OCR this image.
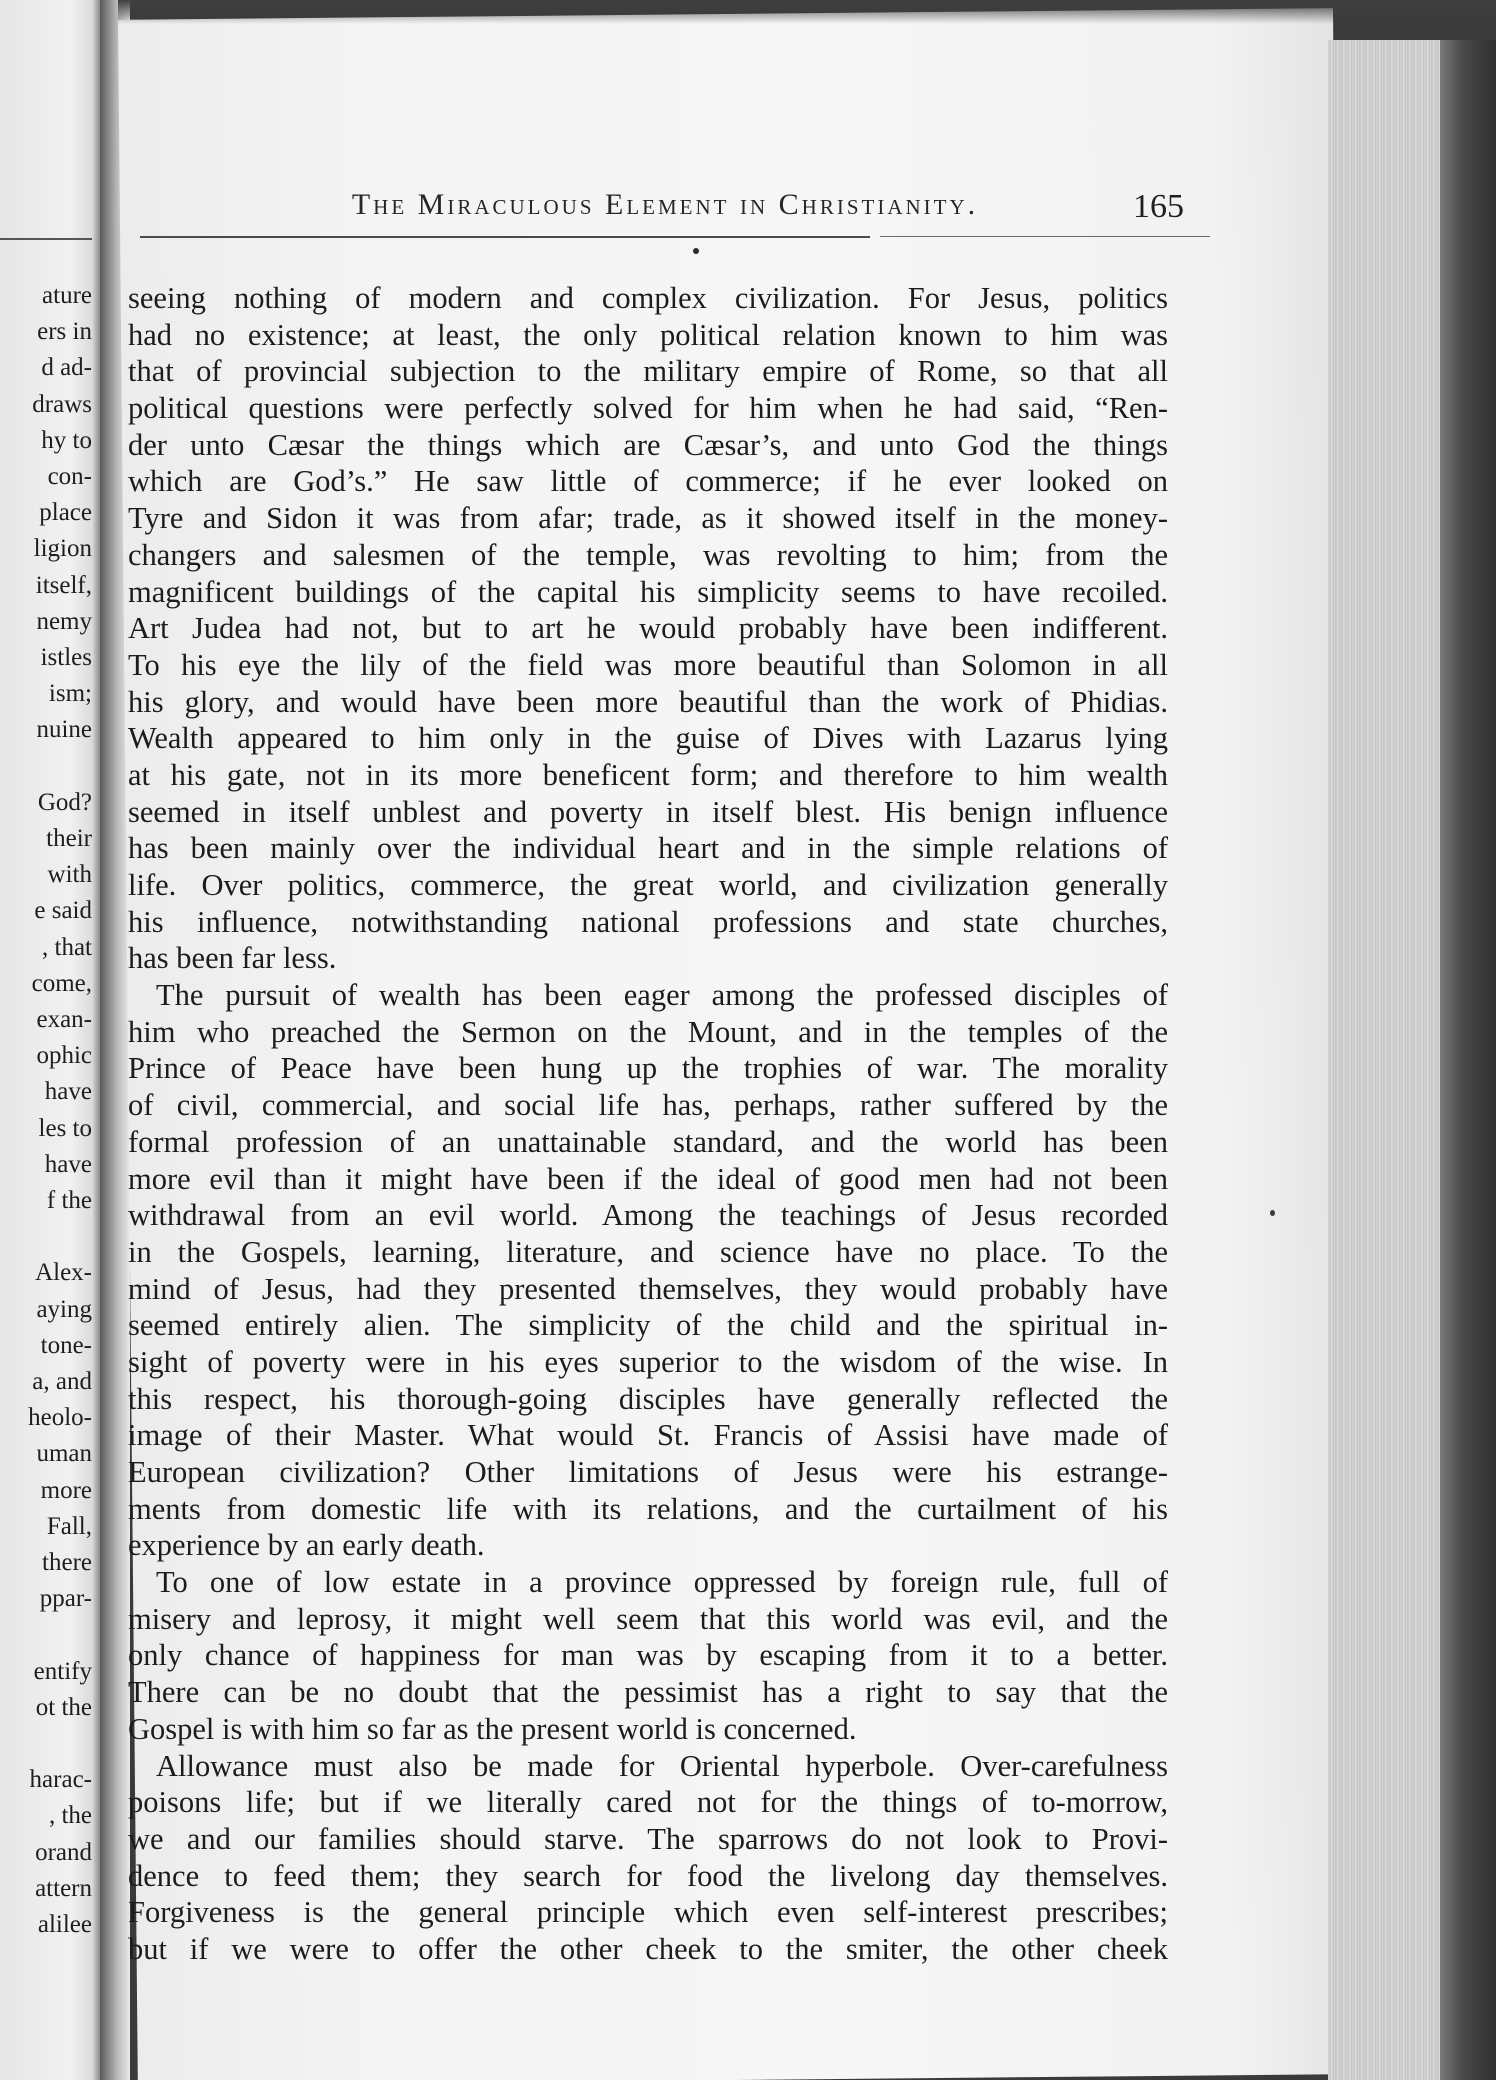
ature
ers in
d ad-
draws
hy to
con-
place
ligion
itself,
nemy
istles
ism;
nuine
God?
their
with
e said
, that
come,
exan-
ophic
have
les to
have
f the
Alex-
aying
tone-
a, and
heolo-
uman
more
Fall,
there
ppar-
entify
ot the
harac-
, the
orand
attern
alilee
The Miraculous Element in Christianity.	165
seeing nothing of modern and complex civilization. For Jesus, politics
had no existence; at least, the only political relation known to him was
that of provincial subjection to the military empire of Rome, so that all
political questions were perfectly solved for him when he had said, “Ren-
der unto Cæsar the things which are Cæsar’s, and unto God the things
which are God’s.” He saw little of commerce; if he ever looked on
Tyre and Sidon it was from afar; trade, as it showed itself in the money-
changers and salesmen of the temple, was revolting to him; from the
magnificent buildings of the capital his simplicity seems to have recoiled.
Art Judea had not, but to art he would probably have been indifferent.
To his eye the lily of the field was more beautiful than Solomon in all
his glory, and would have been more beautiful than the work of Phidias.
Wealth appeared to him only in the guise of Dives with Lazarus lying
at his gate, not in its more beneficent form; and therefore to him wealth
seemed in itself unblest and poverty in itself blest. His benign influence
has been mainly over the individual heart and in the simple relations of
life. Over politics, commerce, the great world, and civilization generally
his influence, notwithstanding national professions and state churches,
has been far less.
The pursuit of wealth has been eager among the professed disciples of
him who preached the Sermon on the Mount, and in the temples of the
Prince of Peace have been hung up the trophies of war. The morality
of civil, commercial, and social life has, perhaps, rather suffered by the
formal profession of an unattainable standard, and the world has been
more evil than it might have been if the ideal of good men had not been
withdrawal from an evil world. Among the teachings of Jesus recorded
in the Gospels, learning, literature, and science have no place. To the
mind of Jesus, had they presented themselves, they would probably have
seemed entirely alien. The simplicity of the child and the spiritual in-
sight of poverty were in his eyes superior to the wisdom of the wise. In
this respect, his thorough-going disciples have generally reflected the
image of their Master. What would St. Francis of Assisi have made of
European civilization? Other limitations of Jesus were his estrange-
ments from domestic life with its relations, and the curtailment of his
experience by an early death.
To one of low estate in a province oppressed by foreign rule, full of
misery and leprosy, it might well seem that this world was evil, and the
only chance of happiness for man was by escaping from it to a better.
There can be no doubt that the pessimist has a right to say that the
Gospel is with him so far as the present world is concerned.
Allowance must also be made for Oriental hyperbole. Over-carefulness
poisons life; but if we literally cared not for the things of to-morrow,
we and our families should starve. The sparrows do not look to Provi-
dence to feed them; they search for food the livelong day themselves.
Forgiveness is the general principle which even self-interest prescribes;
but if we were to offer the other cheek to the smiter, the other cheek
